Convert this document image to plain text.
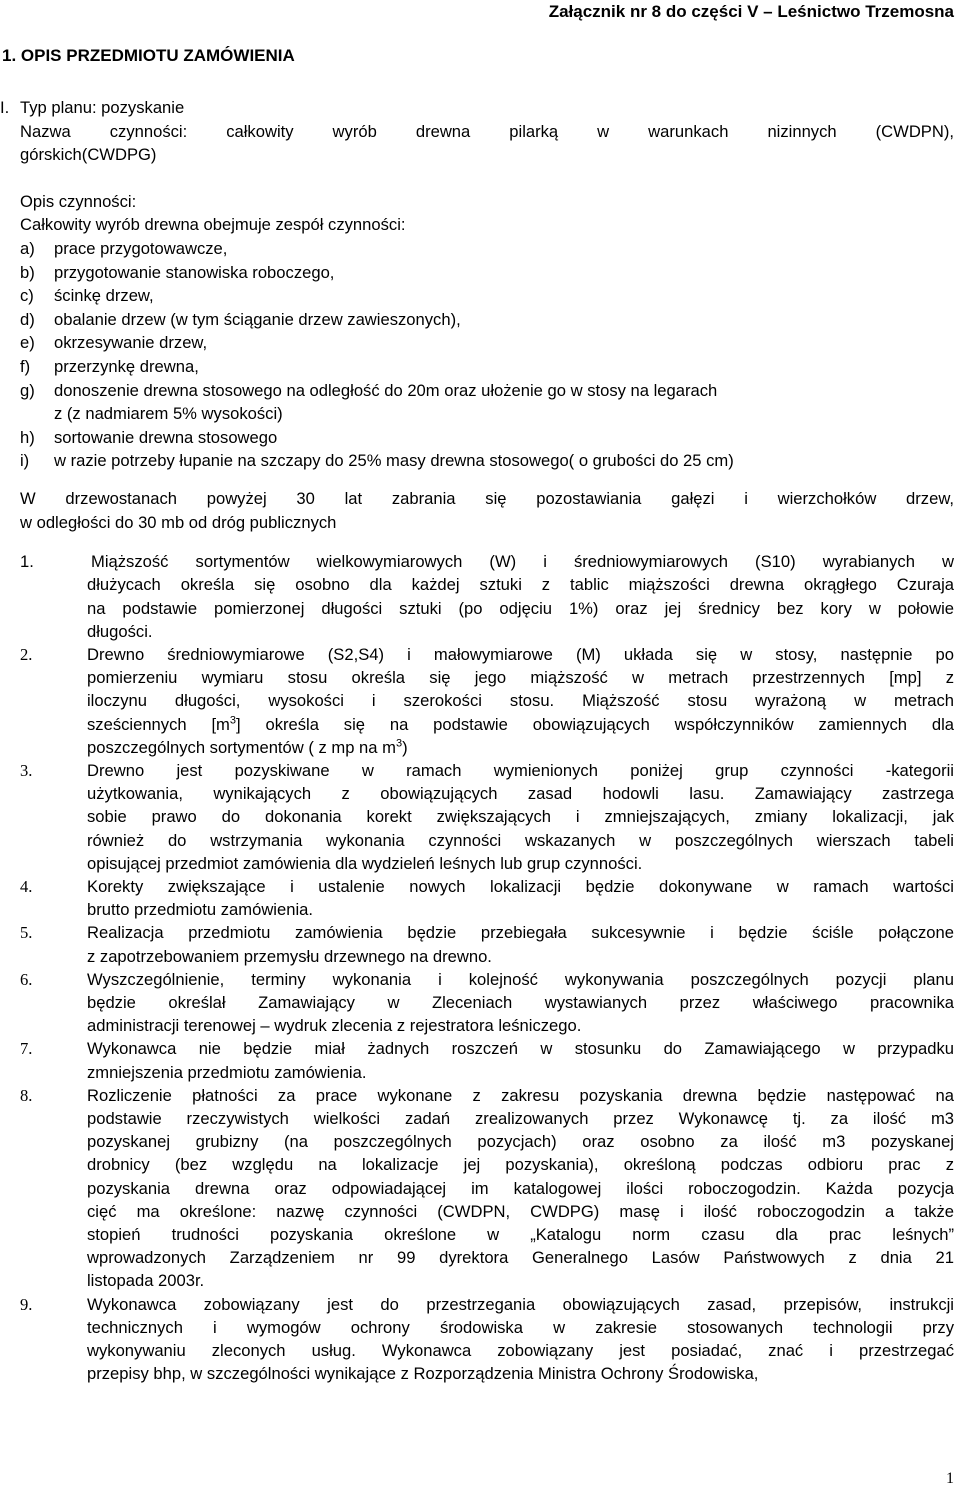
Załącznik nr 8 do części V – Leśnictwo Trzemosna
1. OPIS PRZEDMIOTU ZAMÓWIENIA
I. Typ planu: pozyskanie
Nazwa czynności: całkowity wyrób drewna pilarką w warunkach nizinnych (CWDPN),
górskich(CWDPG)
Opis czynności:
Całkowity wyrób drewna obejmuje zespół czynności:
a) prace przygotowawcze,
b) przygotowanie stanowiska roboczego,
c) ścinkę drzew,
d) obalanie drzew (w tym ściąganie drzew zawieszonych),
e) okrzesywanie drzew,
f) przerzynkę drewna,
g) donoszenie drewna stosowego na odległość do 20m oraz ułożenie go w stosy na legarach
z (z nadmiarem 5% wysokości)
h) sortowanie drewna stosowego
i) w razie potrzeby łupanie na szczapy do 25% masy drewna stosowego( o grubości do 25 cm)
W drzewostanach powyżej 30 lat zabrania się pozostawiania gałęzi i wierzchołków drzew,
w odległości do 30 mb od dróg publicznych
1.	Miąższość sortymentów wielkowymiarowych (W) i średniowymiarowych (S10) wyrabianych w
dłużycach określa się osobno dla każdej sztuki z tablic miąższości drewna okrągłego Czuraja
na podstawie pomierzonej długości sztuki (po odjęciu 1%) oraz jej średnicy bez kory w połowie
długości.
2.	Drewno średniowymiarowe (S2,S4) i małowymiarowe (M) układa się w stosy, następnie po
pomierzeniu wymiaru stosu określa się jego miąższość w metrach przestrzennych [mp] z
iloczynu długości, wysokości i szerokości stosu. Miąższość stosu wyrażoną w metrach
sześciennych $[m^3]$ określa się na podstawie obowiązujących współczynników zamiennych dla
poszczególnych sortymentów ( z mp na $m^3$)
3.	Drewno jest pozyskiwane w ramach wymienionych poniżej grup czynności -kategorii
użytkowania, wynikających z obowiązujących zasad hodowli lasu. Zamawiający zastrzega
sobie prawo do dokonania korekt zwiększających i zmniejszających, zmiany lokalizacji, jak
również do wstrzymania wykonania czynności wskazanych w poszczególnych wierszach tabeli
opisującej przedmiot zamówienia dla wydzieleń leśnych lub grup czynności.
4.	Korekty zwiększające i ustalenie nowych lokalizacji będzie dokonywane w ramach wartości
brutto przedmiotu zamówienia.
5.	Realizacja przedmiotu zamówienia będzie przebiegała sukcesywnie i będzie ściśle połączone
z zapotrzebowaniem przemysłu drzewnego na drewno.
6.	Wyszczególnienie, terminy wykonania i kolejność wykonywania poszczególnych pozycji planu
będzie określał Zamawiający w Zleceniach wystawianych przez właściwego pracownika
administracji terenowej – wydruk zlecenia z rejestratora leśniczego.
7.	Wykonawca nie będzie miał żadnych roszczeń w stosunku do Zamawiającego w przypadku
zmniejszenia przedmiotu zamówienia.
8.	Rozliczenie płatności za prace wykonane z zakresu pozyskania drewna będzie następować na
podstawie rzeczywistych wielkości zadań zrealizowanych przez Wykonawcę tj. za ilość m3
pozyskanej grubizny (na poszczególnych pozycjach) oraz osobno za ilość m3 pozyskanej
drobnicy (bez względu na lokalizacje jej pozyskania), określoną podczas odbioru prac z
pozyskania drewna oraz odpowiadającej im katalogowej ilości roboczogodzin. Każda pozycja
cięć ma określone: nazwę czynności (CWDPN, CWDPG) masę i ilość roboczogodzin a także
stopień trudności pozyskania określone w „Katalogu norm czasu dla prac leśnych”
wprowadzonych Zarządzeniem nr 99 dyrektora Generalnego Lasów Państwowych z dnia 21
listopada 2003r.
9.	Wykonawca zobowiązany jest do przestrzegania obowiązujących zasad, przepisów, instrukcji
technicznych i wymogów ochrony środowiska w zakresie stosowanych technologii przy
wykonywaniu zleconych usług. Wykonawca zobowiązany jest posiadać, znać i przestrzegać
przepisy bhp, w szczególności wynikające z Rozporządzenia Ministra Ochrony Środowiska,
1
